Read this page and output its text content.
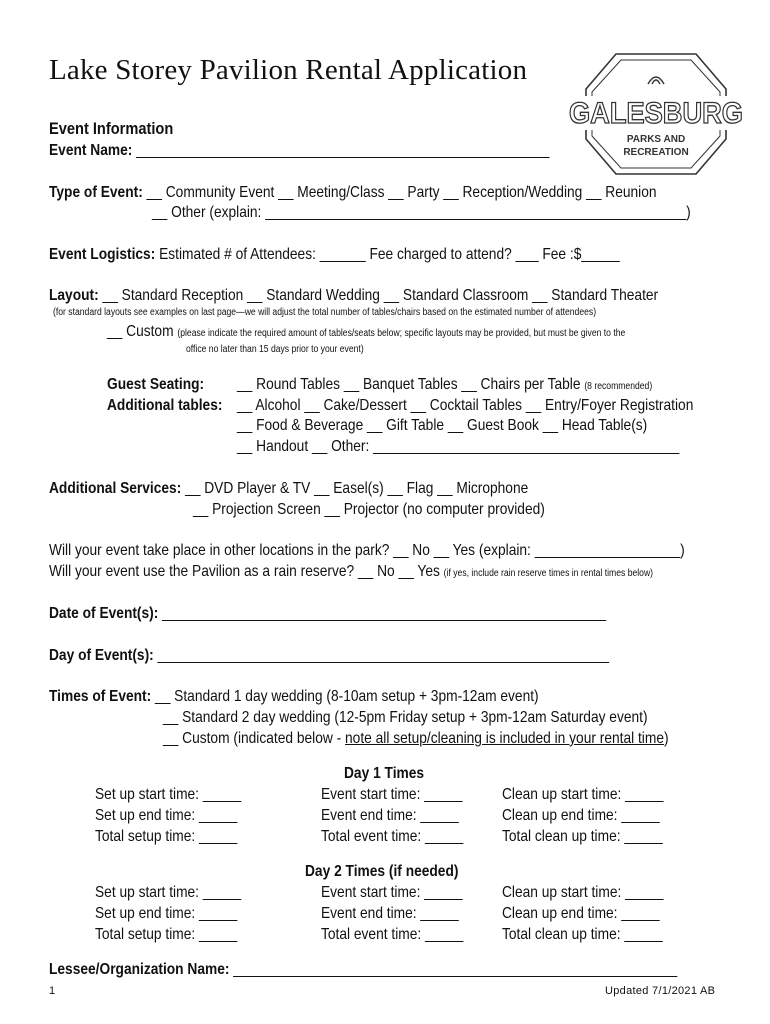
Lake Storey Pavilion Rental Application
GALESBURG
PARKS AND
RECREATION
Event Information
Event Name: ______________________________________________________
Type of Event: __ Community Event __ Meeting/Class __ Party __ Reception/Wedding __ Reunion
__ Other (explain: _______________________________________________________)
Event Logistics: Estimated # of Attendees: ______ Fee charged to attend? ___ Fee :$_____
Layout: __ Standard Reception __ Standard Wedding __ Standard Classroom __ Standard Theater
(for standard layouts see examples on last page—we will adjust the total number of tables/chairs based on the estimated number of attendees)
__ Custom (please indicate the required amount of tables/seats below; specific layouts may be provided, but must be given to the
office no later than 15 days prior to your event)
Guest Seating: __ Round Tables __ Banquet Tables __ Chairs per Table (8 recommended)
Additional tables: __ Alcohol __ Cake/Dessert __ Cocktail Tables __ Entry/Foyer Registration
__ Food & Beverage __ Gift Table __ Guest Book __ Head Table(s)
__ Handout __ Other: ________________________________________
Additional Services: __ DVD Player & TV __ Easel(s) __ Flag __ Microphone
__ Projection Screen __ Projector (no computer provided)
Will your event take place in other locations in the park? __ No __ Yes (explain: ___________________)
Will your event use the Pavilion as a rain reserve? __ No __ Yes (if yes, include rain reserve times in rental times below)
Date of Event(s): __________________________________________________________
Day of Event(s): ___________________________________________________________
Times of Event: __ Standard 1 day wedding (8-10am setup + 3pm-12am event)
__ Standard 2 day wedding (12-5pm Friday setup + 3pm-12am Saturday event)
__ Custom (indicated below - note all setup/cleaning is included in your rental time)
Day 1 Times
Set up start time: _____
Set up end time: _____
Total setup time: _____
Event start time: _____
Event end time: _____
Total event time: _____
Clean up start time: _____
Clean up end time: _____
Total clean up time: _____
Day 2 Times (if needed)
Set up start time: _____
Set up end time: _____
Total setup time: _____
Event start time: _____
Event end time: _____
Total event time: _____
Clean up start time: _____
Clean up end time: _____
Total clean up time: _____
Lessee/Organization Name: __________________________________________________________
1	Updated 7/1/2021 AB
